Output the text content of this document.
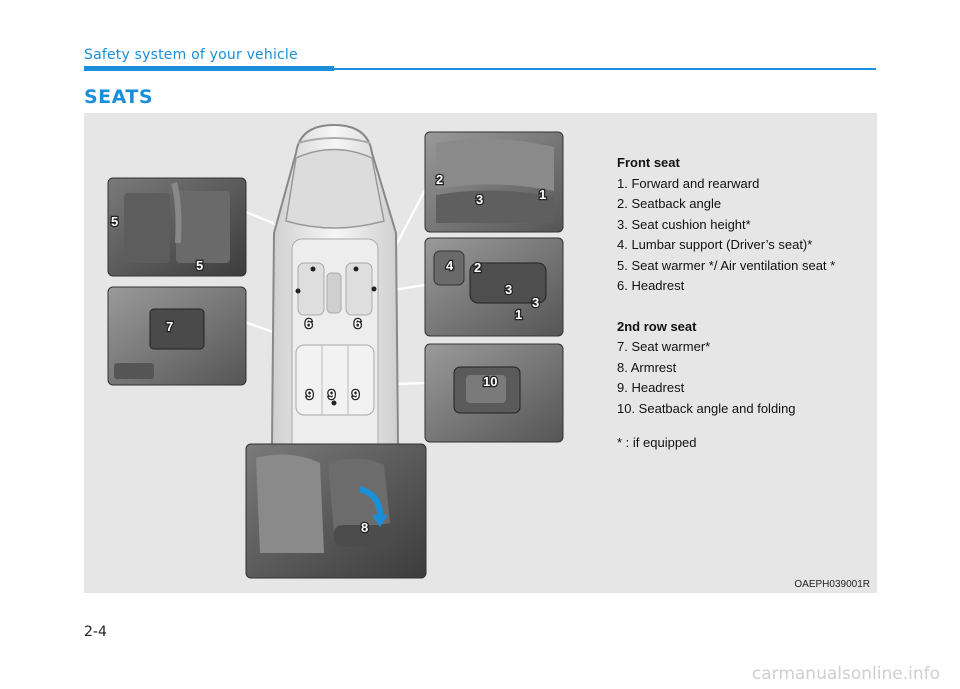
Safety system of your vehicle
SEATS
5
5
7	6	6
9 9 9
8
2
3	1
4 2
3
3
1
10
Front seat
1. Forward and rearward
2. Seatback angle
3. Seat cushion height*
4. Lumbar support (Driver’s seat)*
5. Seat warmer */ Air ventilation seat *
6. Headrest
2nd row seat
7. Seat warmer*
8. Armrest
9. Headrest
10. Seatback angle and folding
* : if equipped
OAEPH039001R
2-4
carmanualsonline.info
